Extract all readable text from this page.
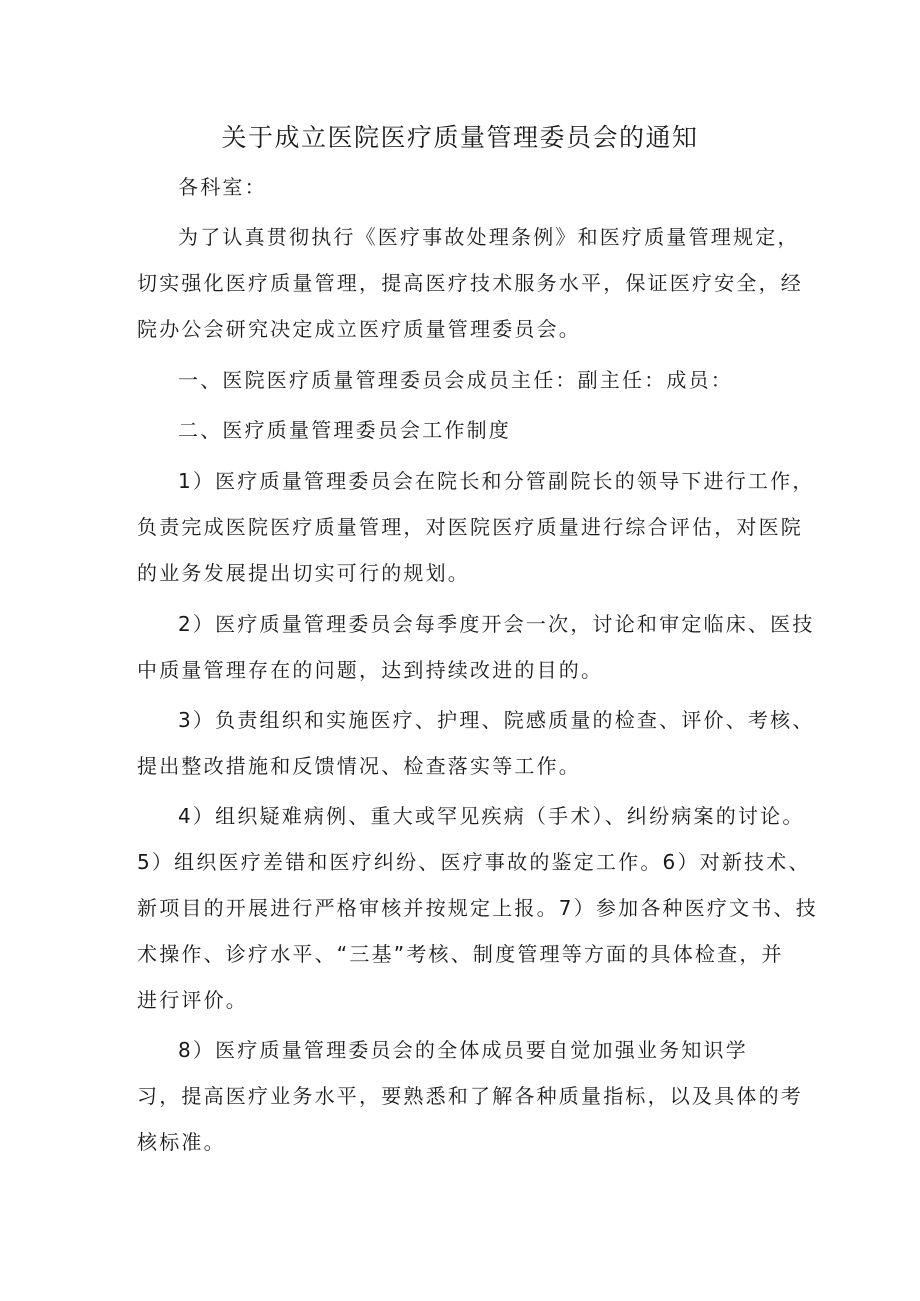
关于成立医院医疗质量管理委员会的通知
各科室：
为了认真贯彻执行《医疗事故处理条例》和医疗质量管理规定，
切实强化医疗质量管理，提高医疗技术服务水平，保证医疗安全，经
院办公会研究决定成立医疗质量管理委员会。
一、医院医疗质量管理委员会成员主任：副主任：成员：
二、医疗质量管理委员会工作制度
1）医疗质量管理委员会在院长和分管副院长的领导下进行工作，
负责完成医院医疗质量管理，对医院医疗质量进行综合评估，对医院
的业务发展提出切实可行的规划。
2）医疗质量管理委员会每季度开会一次，讨论和审定临床、医技
中质量管理存在的问题，达到持续改进的目的。
3）负责组织和实施医疗、护理、院感质量的检查、评价、考核、
提出整改措施和反馈情况、检查落实等工作。
4）组织疑难病例、重大或罕见疾病（手术）、纠纷病案的讨论。
5）组织医疗差错和医疗纠纷、医疗事故的鉴定工作。6）对新技术、
新项目的开展进行严格审核并按规定上报。7）参加各种医疗文书、技
术操作、诊疗水平、“三基”考核、制度管理等方面的具体检查，并
进行评价。
8）医疗质量管理委员会的全体成员要自觉加强业务知识学
习，提高医疗业务水平，要熟悉和了解各种质量指标，以及具体的考
核标准。
